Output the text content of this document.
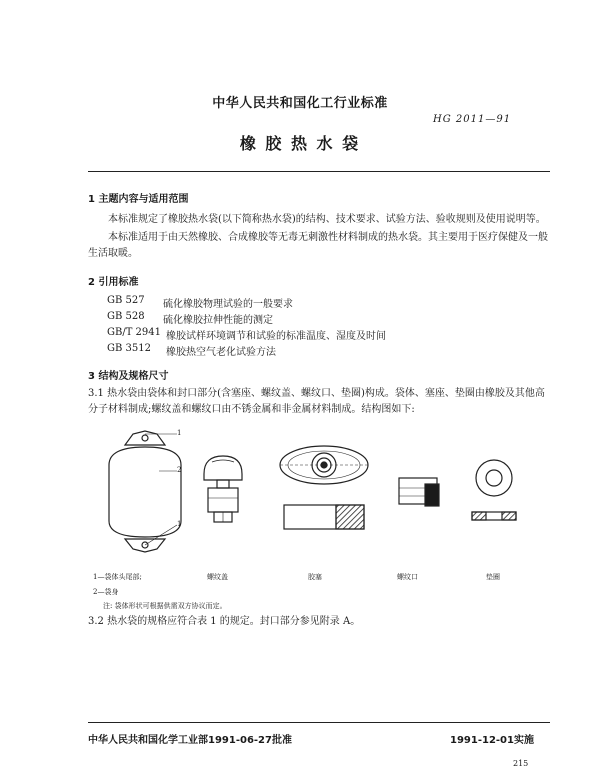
中华人民共和国化工行业标准
HG 2011—91
橡 胶 热 水 袋
1 主题内容与适用范围
本标准规定了橡胶热水袋(以下简称热水袋)的结构、技术要求、试验方法、验收规则及使用说明等。
本标准适用于由天然橡胶、合成橡胶等无毒无刺激性材料制成的热水袋。其主要用于医疗保健及一般生活取暖。
2 引用标准
GB 527 硫化橡胶物理试验的一般要求
GB 528 硫化橡胶拉伸性能的测定
GB/T 2941 橡胶试样环境调节和试验的标准温度、湿度及时间
GB 3512 橡胶热空气老化试验方法
3 结构及规格尺寸
3.1 热水袋由袋体和封口部分(含塞座、螺纹盖、螺纹口、垫圈)构成。袋体、塞座、垫圈由橡胶及其他高分子材料制成;螺纹盖和螺纹口由不锈金属和非金属材料制成。结构图如下:
1
2
1
1—袋体头尾部;	螺纹盖	胶塞	螺纹口	垫圈
2—袋身
注: 袋体形状可根据供需双方协议而定。
3.2 热水袋的规格应符合表 1 的规定。封口部分参见附录 A。
中华人民共和国化学工业部1991-06-27批准	1991-12-01实施
215
